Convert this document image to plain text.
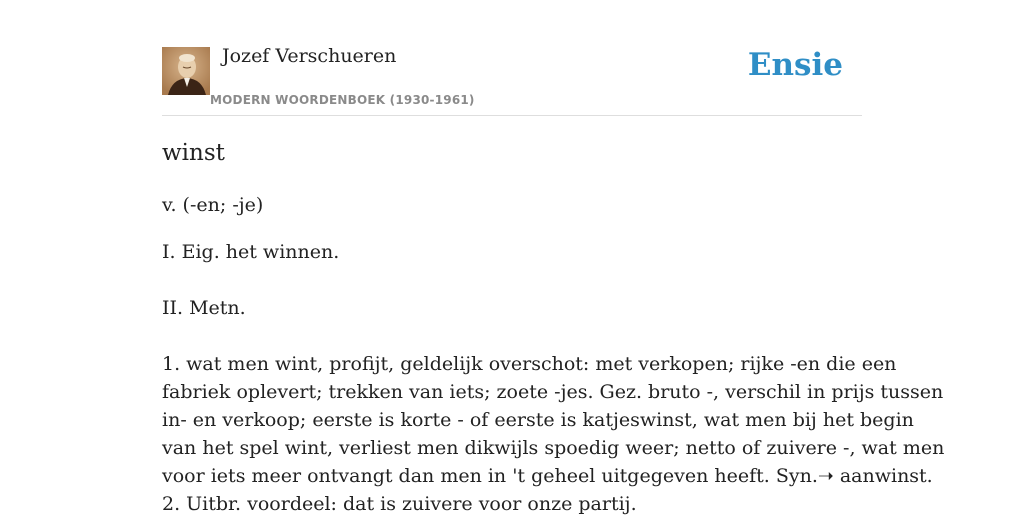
Jozef Verschueren
MODERN WOORDENBOEK (1930-1961)
Ensie
winst
v. (-en; -je)
I. Eig. het winnen.
II. Metn.
1. wat men wint, profijt, geldelijk overschot: met verkopen; rijke -en die een
fabriek oplevert; trekken van iets; zoete -jes. Gez. bruto -, verschil in prijs tussen
in- en verkoop; eerste is korte - of eerste is katjeswinst, wat men bij het begin
van het spel wint, verliest men dikwijls spoedig weer; netto of zuivere -, wat men
voor iets meer ontvangt dan men in 't geheel uitgegeven heeft. Syn.➝ aanwinst.
2. Uitbr. voordeel: dat is zuivere voor onze partij.
